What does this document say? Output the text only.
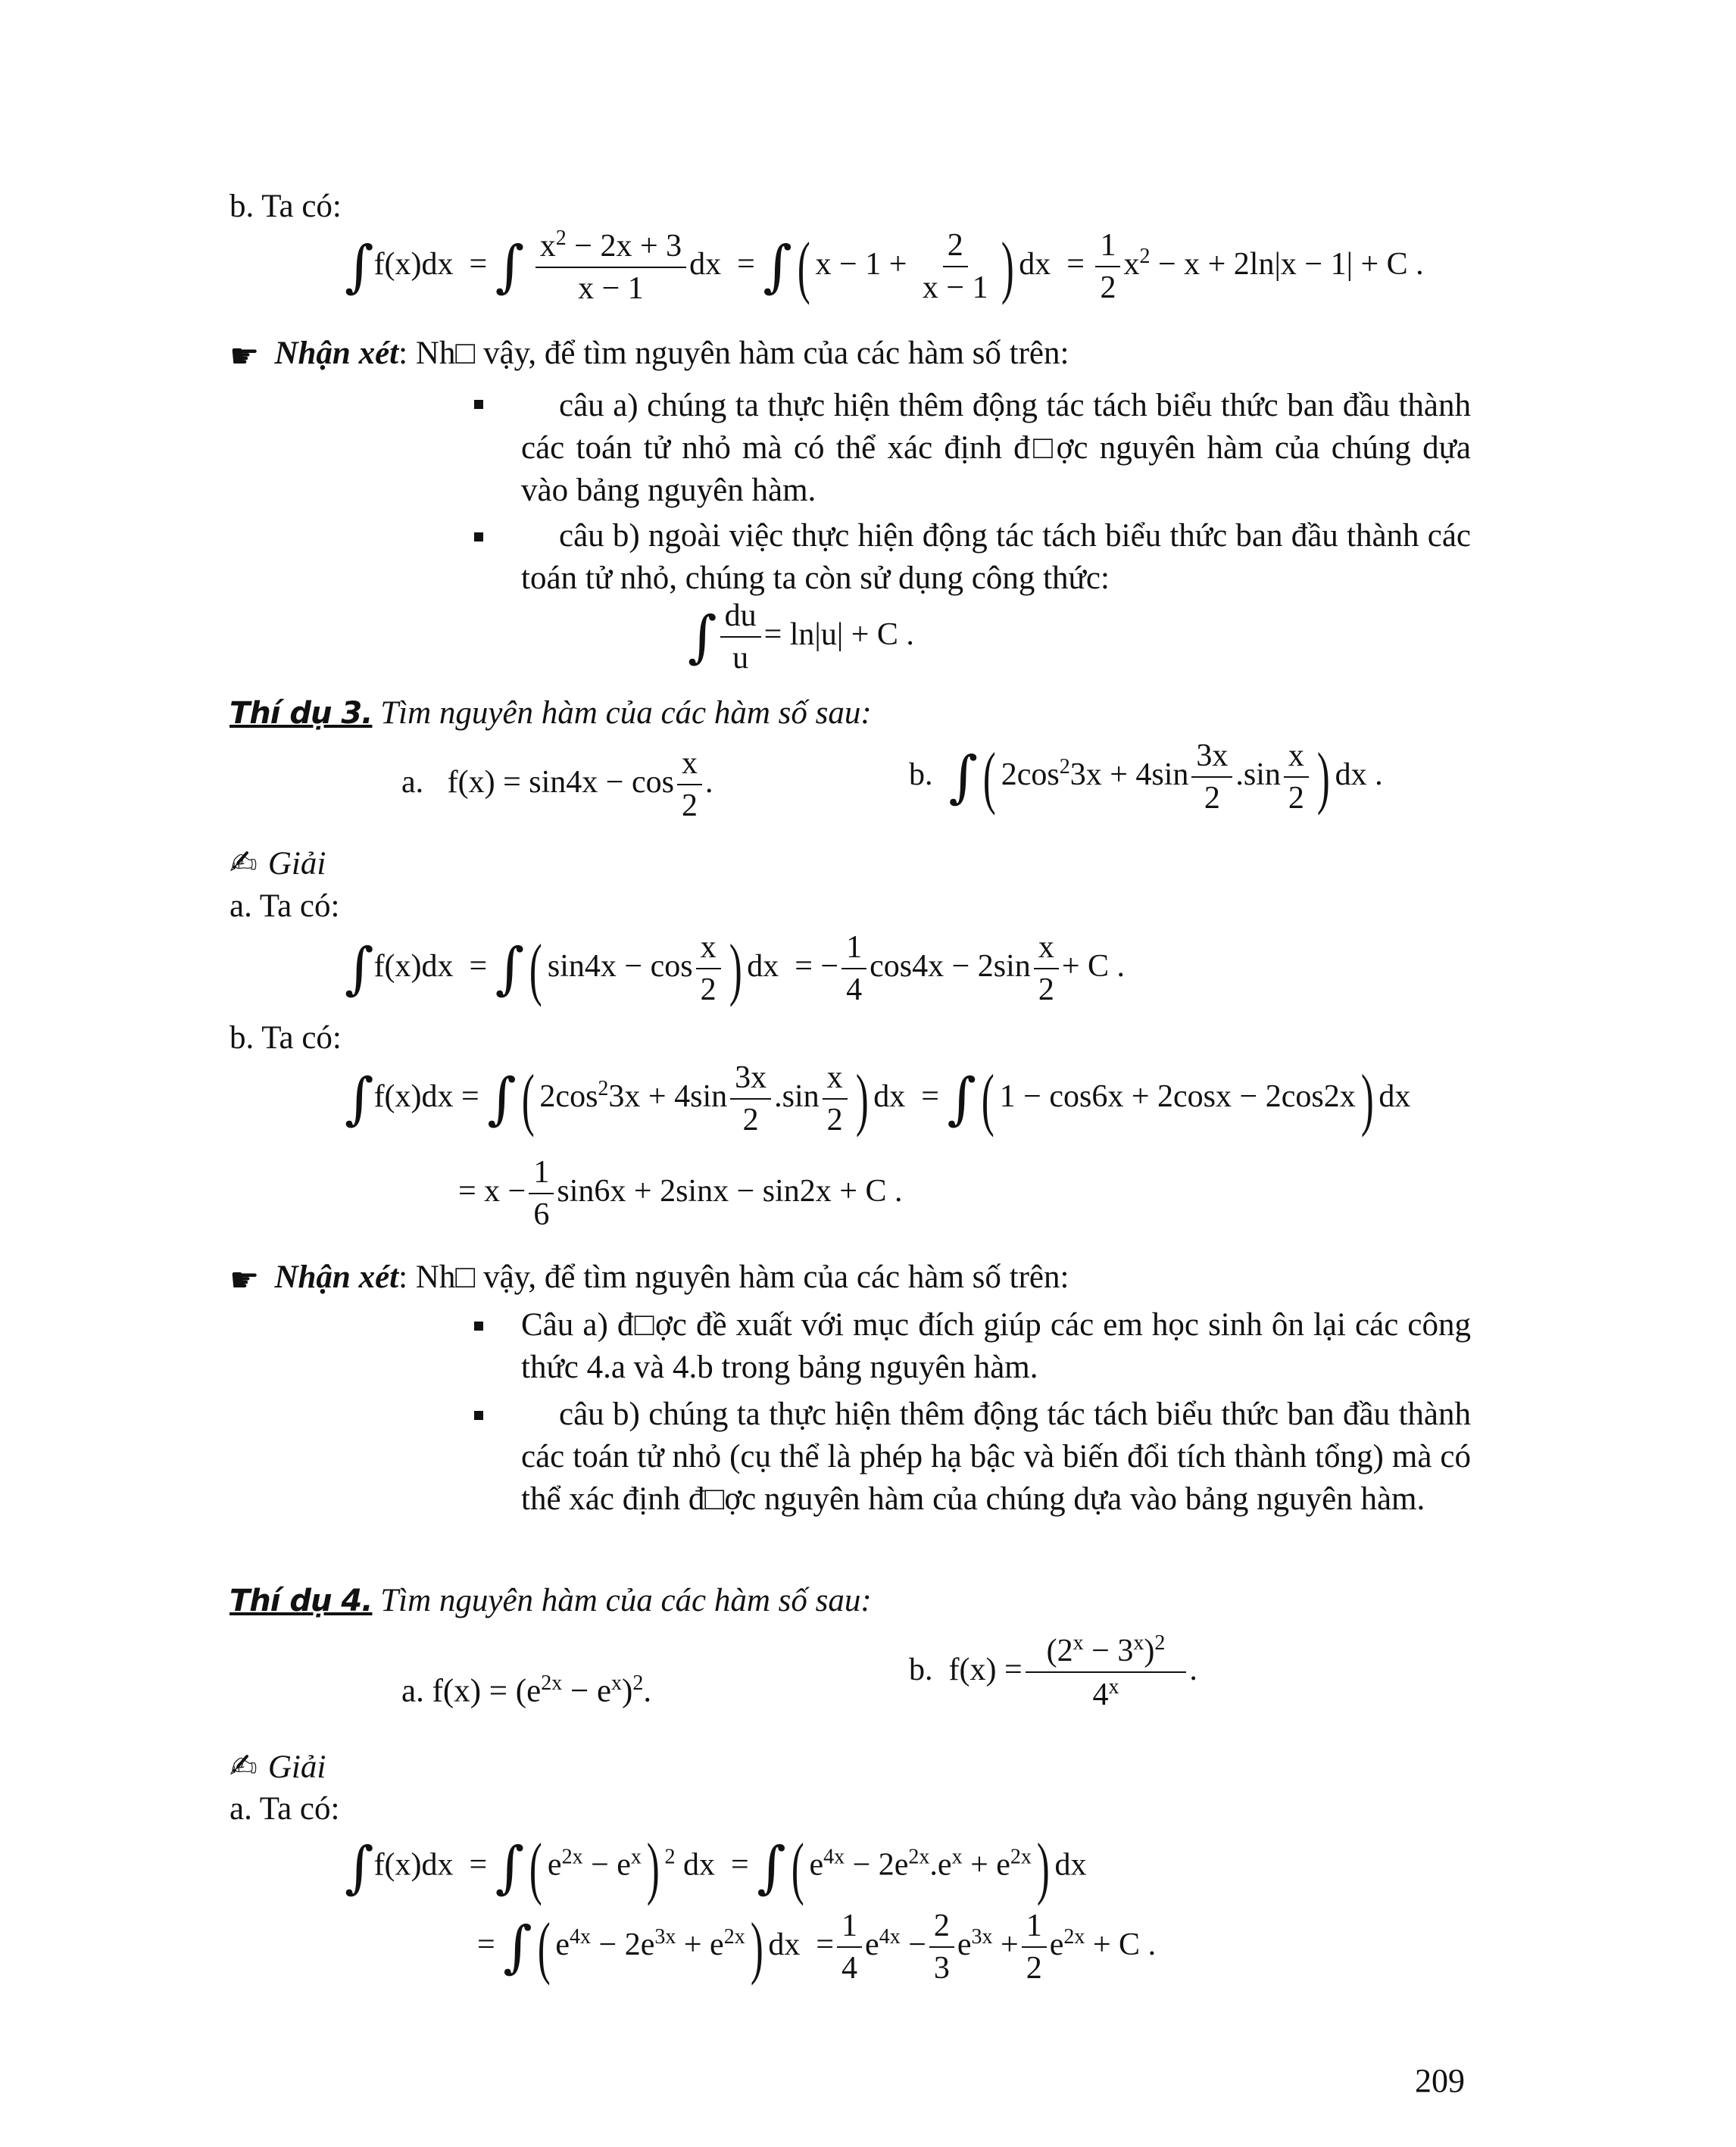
b. Ta có:
∫f(x)dx  = ∫ $\frac{x^2 - 2x + 3}{x - 1}$ dx  = ∫( $x - 1 + \frac{2}{x - 1}$ ) dx  = $\frac{1}{2} x^2 - x + 2\ln|x - 1| + C$ .
☛ Nhận xét: Nh□ vậy, để tìm nguyên hàm của các hàm số trên:
câu a) chúng ta thực hiện thêm động tác tách biểu thức ban đầu thành các toán tử nhỏ mà có thể xác định đ□ợc nguyên hàm của chúng dựa vào bảng nguyên hàm.
câu b) ngoài việc thực hiện động tác tách biểu thức ban đầu thành các toán tử nhỏ, chúng ta còn sử dụng công thức:
∫ $\frac{du}{u} = \ln|u| + C$ .
Thí dụ 3. Tìm nguyên hàm của các hàm số sau:
a.   $f(x) = \sin 4x - \cos \frac{x}{2}$ .	b.  ∫( $2\cos^23x + 4\sin \frac{3x}{2} .\sin \frac{x}{2}$ ) dx .
✍ Giải
a. Ta có:
∫f(x)dx  = ∫( $\sin 4x - \cos \frac{x}{2}$ ) dx  = − $\frac{1}{4} \cos 4x - 2\sin \frac{x}{2} + C$ .
b. Ta có:
∫f(x)dx = ∫( $2\cos^23x + 4\sin \frac{3x}{2} .\sin \frac{x}{2}$ ) dx  = ∫( 1 − cos6x + 2cosx − 2cos2x) dx
= $x - \frac{1}{6} \sin 6x + 2\sin x - \sin 2x + C$ .
☛ Nhận xét: Nh□ vậy, để tìm nguyên hàm của các hàm số trên:
Câu a) đ□ợc đề xuất với mục đích giúp các em học sinh ôn lại các công thức 4.a và 4.b trong bảng nguyên hàm.
câu b) chúng ta thực hiện thêm động tác tách biểu thức ban đầu thành các toán tử nhỏ (cụ thể là phép hạ bậc và biến đổi tích thành tổng) mà có thể xác định đ□ợc nguyên hàm của chúng dựa vào bảng nguyên hàm.
Thí dụ 4. Tìm nguyên hàm của các hàm số sau:
a. $f(x) = (e^{2x} - e^x)^2$.
b.  $f(x) = \frac{(2^x - 3^x)^2}{4^x}$ .
✍ Giải
a. Ta có:
∫f(x)dx  = ∫( $e^{2x} - e^x$) $^2$ dx  = ∫( $e^{4x} - 2e^{2x}.e^x + e^{2x}$) dx
= ∫( $e^{4x} - 2e^{3x} + e^{2x}$) dx  = $\frac{1}{4} e^{4x} - \frac{2}{3} e^{3x} + \frac{1}{2} e^{2x} + C$ .
209
